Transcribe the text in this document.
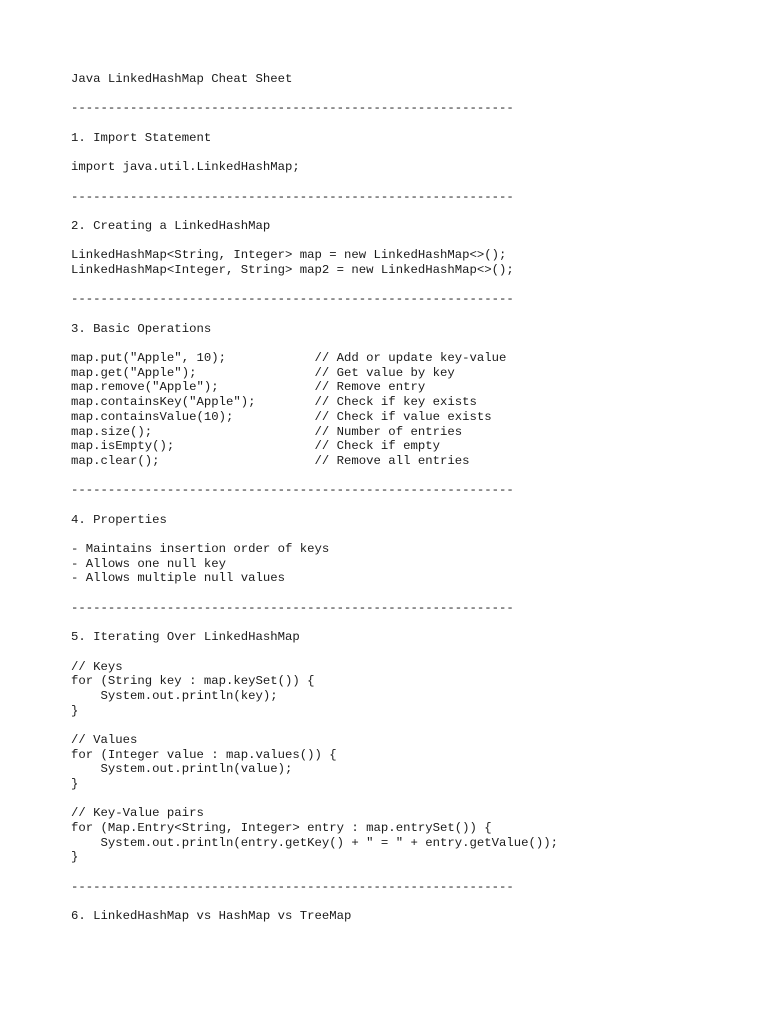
Java LinkedHashMap Cheat Sheet
------------------------------------------------------------
1. Import Statement
import java.util.LinkedHashMap;
------------------------------------------------------------
2. Creating a LinkedHashMap
LinkedHashMap<String, Integer> map = new LinkedHashMap<>();
LinkedHashMap<Integer, String> map2 = new LinkedHashMap<>();
------------------------------------------------------------
3. Basic Operations
map.put("Apple", 10);            // Add or update key-value
map.get("Apple");                // Get value by key
map.remove("Apple");             // Remove entry
map.containsKey("Apple");        // Check if key exists
map.containsValue(10);           // Check if value exists
map.size();                      // Number of entries
map.isEmpty();                   // Check if empty
map.clear();                     // Remove all entries
------------------------------------------------------------
4. Properties
- Maintains insertion order of keys
- Allows one null key
- Allows multiple null values
------------------------------------------------------------
5. Iterating Over LinkedHashMap
// Keys
for (String key : map.keySet()) {
System.out.println(key);
}
// Values
for (Integer value : map.values()) {
System.out.println(value);
}
// Key-Value pairs
for (Map.Entry<String, Integer> entry : map.entrySet()) {
System.out.println(entry.getKey() + " = " + entry.getValue());
}
------------------------------------------------------------
6. LinkedHashMap vs HashMap vs TreeMap
